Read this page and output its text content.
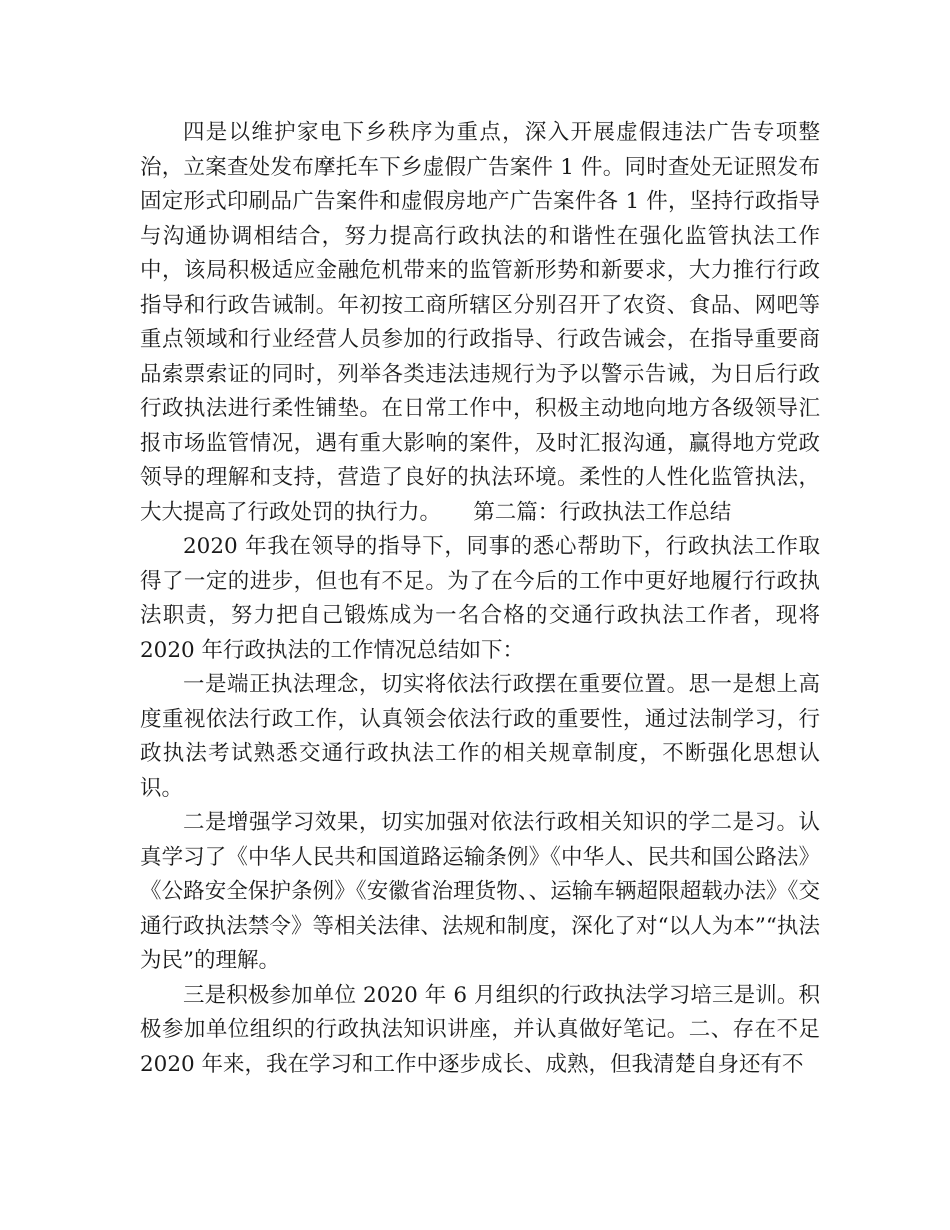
四是以维护家电下乡秩序为重点，深入开展虚假违法广告专项整治，立案查处发布摩托车下乡虚假广告案件 1 件。同时查处无证照发布固定形式印刷品广告案件和虚假房地产广告案件各 1 件，坚持行政指导与沟通协调相结合，努力提高行政执法的和谐性在强化监管执法工作中，该局积极适应金融危机带来的监管新形势和新要求，大力推行行政指导和行政告诫制。年初按工商所辖区分别召开了农资、食品、网吧等重点领域和行业经营人员参加的行政指导、行政告诫会，在指导重要商品索票索证的同时，列举各类违法违规行为予以警示告诫，为日后行政行政执法进行柔性铺垫。在日常工作中，积极主动地向地方各级领导汇报市场监管情况，遇有重大影响的案件，及时汇报沟通，赢得地方党政领导的理解和支持，营造了良好的执法环境。柔性的人性化监管执法，大大提高了行政处罚的执行力。　　第二篇：行政执法工作总结

2020 年我在领导的指导下，同事的悉心帮助下，行政执法工作取得了一定的进步，但也有不足。为了在今后的工作中更好地履行行政执法职责，努力把自己锻炼成为一名合格的交通行政执法工作者，现将 2020 年行政执法的工作情况总结如下：

一是端正执法理念，切实将依法行政摆在重要位置。思一是想上高度重视依法行政工作，认真领会依法行政的重要性，通过法制学习，行政执法考试熟悉交通行政执法工作的相关规章制度，不断强化思想认识。

二是增强学习效果，切实加强对依法行政相关知识的学二是习。认真学习了《中华人民共和国道路运输条例》《中华人、民共和国公路法》《公路安全保护条例》《安徽省治理货物、、运输车辆超限超载办法》《交通行政执法禁令》等相关法律、法规和制度，深化了对“以人为本”“执法为民”的理解。

三是积极参加单位 2020 年 6 月组织的行政执法学习培三是训。积极参加单位组织的行政执法知识讲座，并认真做好笔记。二、存在不足 2020 年来，我在学习和工作中逐步成长、成熟，但我清楚自身还有不
